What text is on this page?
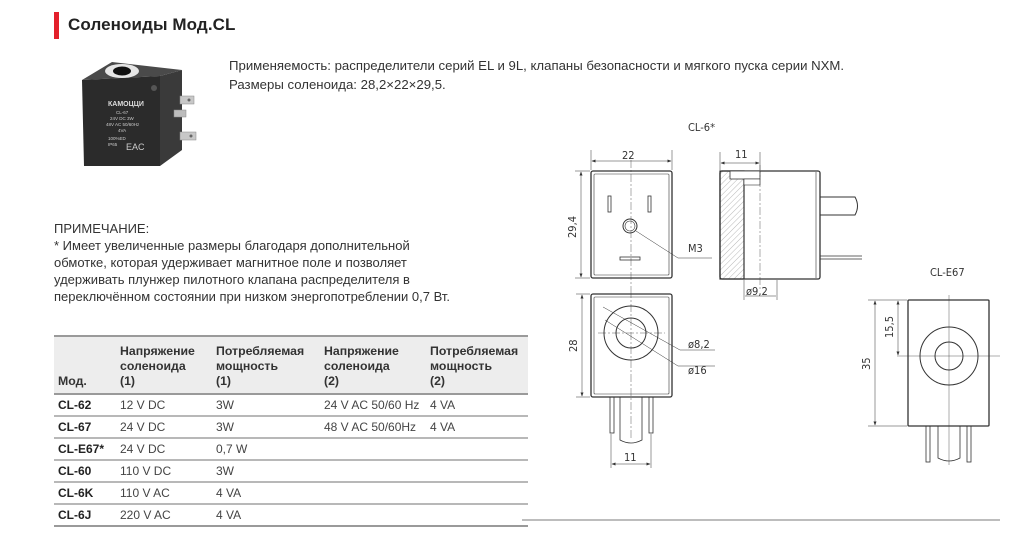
Соленоиды Мод.CL
КАМОЦЦИ
CL-67
24V DC 3W
48V AC 50/60Hz
4VA
100%ED
IP65 EAC
Применяемость: распределители серий EL и 9L, клапаны безопасности и мягкого пуска серии NXM.
Размеры соленоида: 28,2×22×29,5.
ПРИМЕЧАНИЕ:
* Имеет увеличенные размеры благодаря дополнительной
обмотке, которая удерживает магнитное поле и позволяет
удерживать плунжер пилотного клапана распределителя в
переключённом состоянии при низком энергопотреблении 0,7 Вт.
Мод.	Напряжение
соленоида
(1)	Потребляемая
мощность
(1)	Напряжение
соленоида
(2)	Потребляемая
мощность
(2)
CL-62	12 V DC	3W	24 V AC 50/60 Hz	4 VA
CL-67	24 V DC	3W	48 V AC 50/60Hz	4 VA
CL-E67*	24 V DC	0,7 W		
CL-60	110 V DC	3W		
CL-6K	110 V AC	4 VA		
CL-6J	220 V AC	4 VA		
CL-6*
22
29,4
M3
11
ø9,2
28	ø8,2
ø16
11
CL-E67
35
15,5
